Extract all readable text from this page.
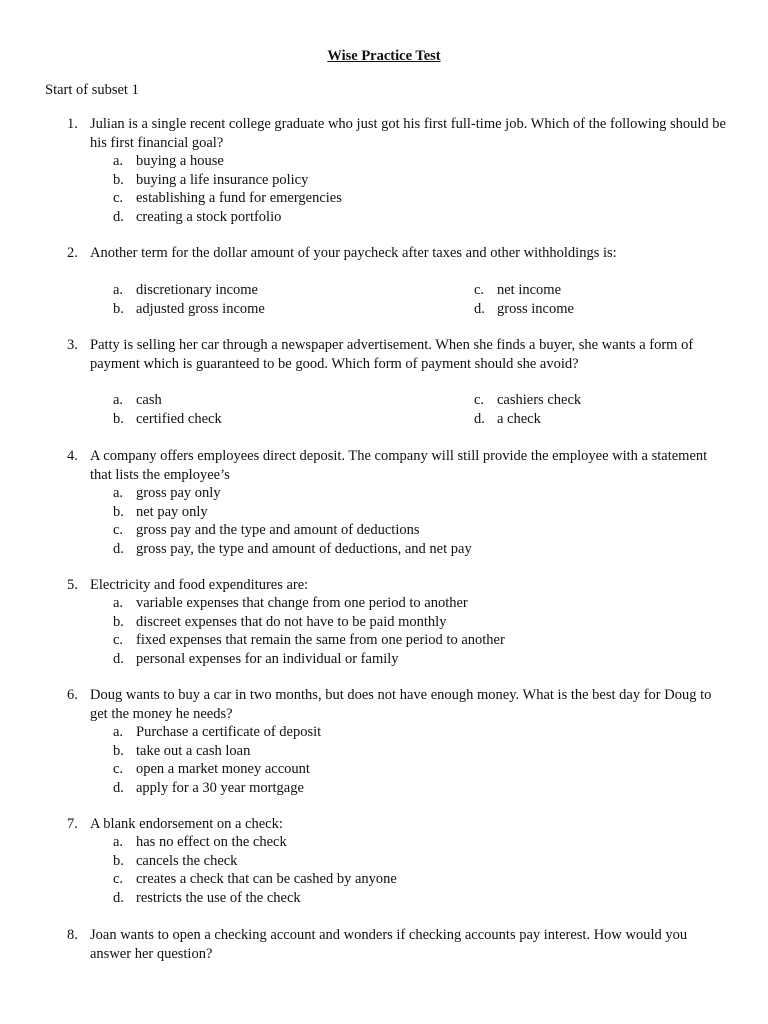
Wise Practice Test
Start of subset 1
1. Julian is a single recent college graduate who just got his first full-time job. Which of the following should be his first financial goal?
a. buying a house
b. buying a life insurance policy
c. establishing a fund for emergencies
d. creating a stock portfolio
2. Another term for the dollar amount of your paycheck after taxes and other withholdings is:
a. discretionary income
b. adjusted gross income
c. net income
d. gross income
3. Patty is selling her car through a newspaper advertisement. When she finds a buyer, she wants a form of payment which is guaranteed to be good. Which form of payment should she avoid?
a. cash
b. certified check
c. cashiers check
d. a check
4. A company offers employees direct deposit. The company will still provide the employee with a statement that lists the employee’s
a. gross pay only
b. net pay only
c. gross pay and the type and amount of deductions
d. gross pay, the type and amount of deductions, and net pay
5. Electricity and food expenditures are:
a. variable expenses that change from one period to another
b. discreet expenses that do not have to be paid monthly
c. fixed expenses that remain the same from one period to another
d. personal expenses for an individual or family
6. Doug wants to buy a car in two months, but does not have enough money. What is the best day for Doug to get the money he needs?
a. Purchase a certificate of deposit
b. take out a cash loan
c. open a market money account
d. apply for a 30 year mortgage
7. A blank endorsement on a check:
a. has no effect on the check
b. cancels the check
c. creates a check that can be cashed by anyone
d. restricts the use of the check
8. Joan wants to open a checking account and wonders if checking accounts pay interest. How would you answer her question?
